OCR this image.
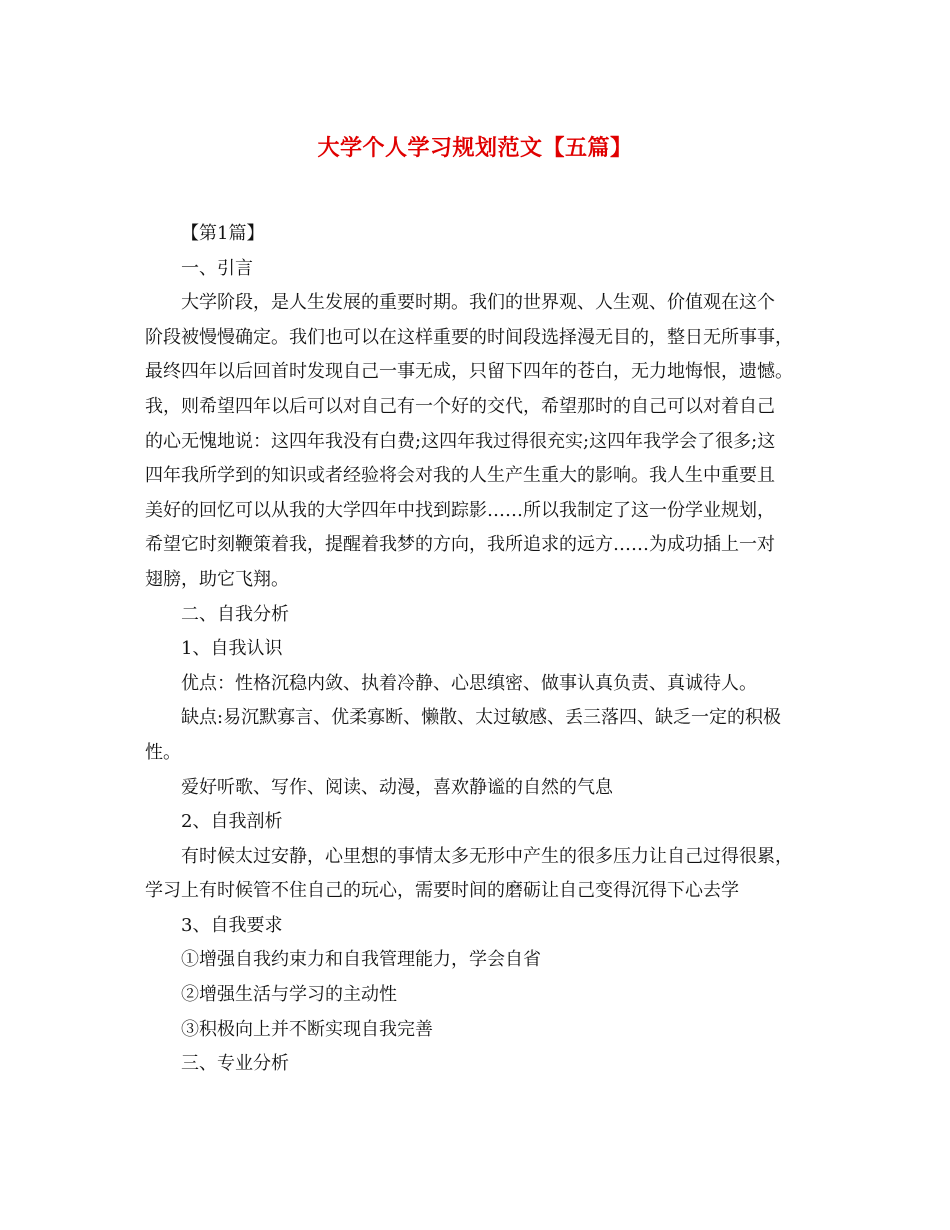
大学个人学习规划范文【五篇】
【第1篇】
一、引言
大学阶段，是人生发展的重要时期。我们的世界观、人生观、价值观在这个
阶段被慢慢确定。我们也可以在这样重要的时间段选择漫无目的，整日无所事事，
最终四年以后回首时发现自己一事无成，只留下四年的苍白，无力地悔恨，遗憾。
我，则希望四年以后可以对自己有一个好的交代，希望那时的自己可以对着自己
的心无愧地说：这四年我没有白费;这四年我过得很充实;这四年我学会了很多;这
四年我所学到的知识或者经验将会对我的人生产生重大的影响。我人生中重要且
美好的回忆可以从我的大学四年中找到踪影……所以我制定了这一份学业规划，
希望它时刻鞭策着我，提醒着我梦的方向，我所追求的远方……为成功插上一对
翅膀，助它飞翔。
二、自我分析
1、自我认识
优点：性格沉稳内敛、执着冷静、心思缜密、做事认真负责、真诚待人。
缺点:易沉默寡言、优柔寡断、懒散、太过敏感、丢三落四、缺乏一定的积极
性。
爱好听歌、写作、阅读、动漫，喜欢静谧的自然的气息
2、自我剖析
有时候太过安静，心里想的事情太多无形中产生的很多压力让自己过得很累，
学习上有时候管不住自己的玩心，需要时间的磨砺让自己变得沉得下心去学
3、自我要求
①增强自我约束力和自我管理能力，学会自省
②增强生活与学习的主动性
③积极向上并不断实现自我完善
三、专业分析
